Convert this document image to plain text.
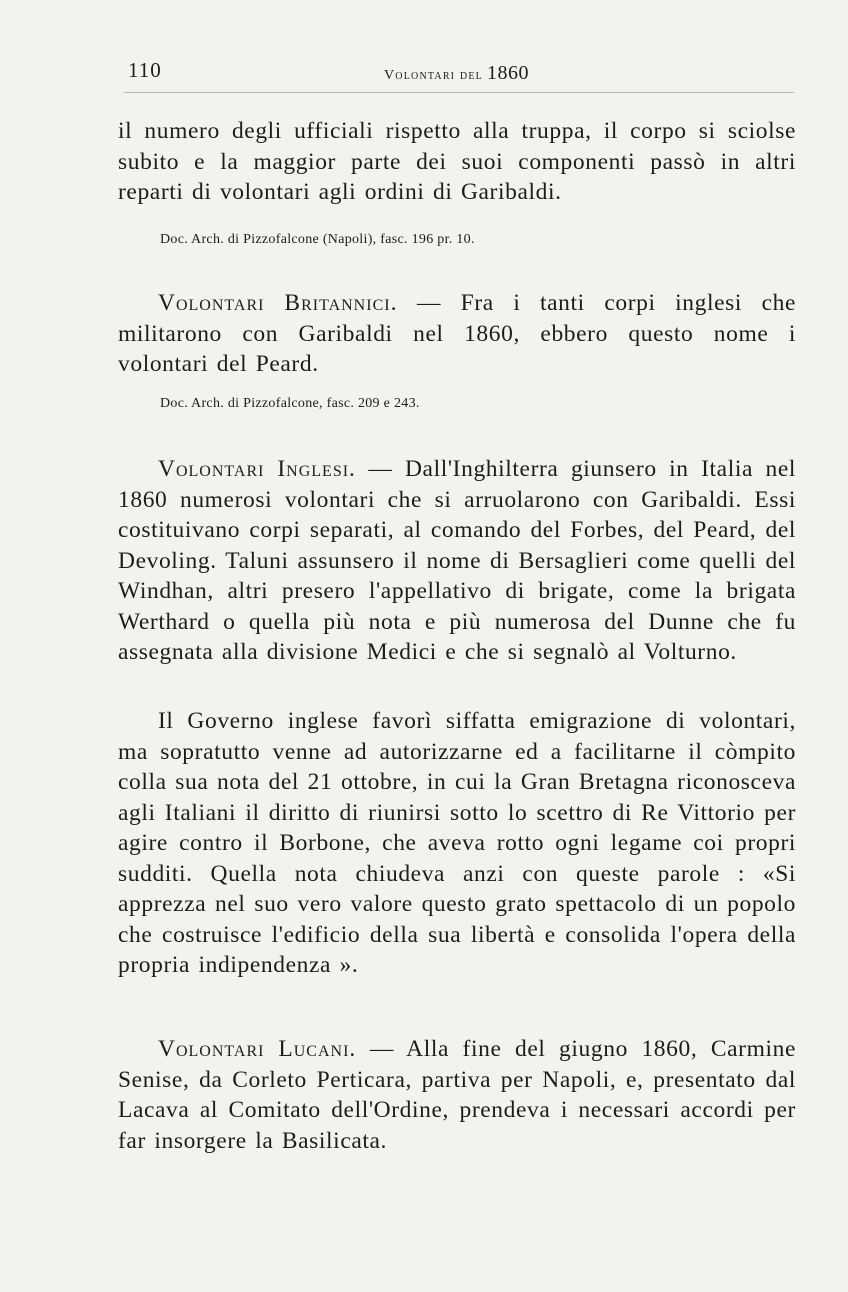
110	Volontari del 1860

il numero degli ufficiali rispetto alla truppa, il corpo si sciolse subito e la maggior parte dei suoi componenti passò in altri reparti di volontari agli ordini di Garibaldi.

Doc. Arch. di Pizzofalcone (Napoli), fasc. 196 pr. 10.

Volontari Britannici. — Fra i tanti corpi inglesi che militarono con Garibaldi nel 1860, ebbero questo nome i volontari del Peard.

Doc. Arch. di Pizzofalcone, fasc. 209 e 243.

Volontari Inglesi. — Dall'Inghilterra giunsero in Italia nel 1860 numerosi volontari che si arruolarono con Garibaldi. Essi costituivano corpi separati, al comando del Forbes, del Peard, del Devoling. Taluni assunsero il nome di Bersaglieri come quelli del Windhan, altri presero l'appellativo di brigate, come la brigata Werthard o quella più nota e più numerosa del Dunne che fu assegnata alla divisione Medici e che si segnalò al Volturno.

Il Governo inglese favorì siffatta emigrazione di volontari, ma sopratutto venne ad autorizzarne ed a facilitarne il còmpito colla sua nota del 21 ottobre, in cui la Gran Bretagna riconosceva agli Italiani il diritto di riunirsi sotto lo scettro di Re Vittorio per agire contro il Borbone, che aveva rotto ogni legame coi propri sudditi. Quella nota chiudeva anzi con queste parole : «Si apprezza nel suo vero valore questo grato spettacolo di un popolo che costruisce l'edificio della sua libertà e consolida l'opera della propria indipendenza ».

Volontari Lucani. — Alla fine del giugno 1860, Carmine Senise, da Corleto Perticara, partiva per Napoli, e, presentato dal Lacava al Comitato dell'Ordine, prendeva i necessari accordi per far insorgere la Basilicata.
